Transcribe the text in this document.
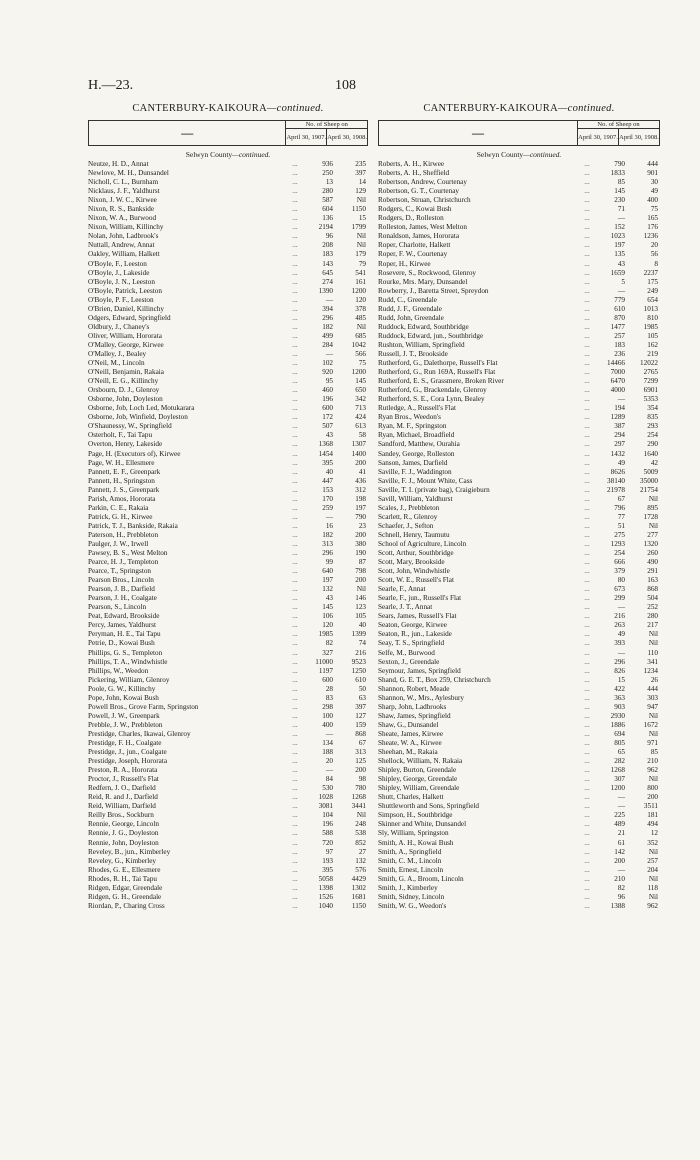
H.—23.	108
CANTERBURY-KAIKOURA—continued.
—	No. of Sheep on	
	April 30, 1907.	April 30, 1908.
Selwyn County—continued.
Neutze, H. D., Annat	...	936	235
Newlove, M. H., Dunsandel	...	250	397
Nicholl, C. L., Burnham	...	13	14
Nicklaus, J. F., Yaldhurst	...	280	129
Nixon, J. W. C., Kirwee	...	587	Nil
Nixon, R. S., Bankside	...	604	1150
Nixon, W. A., Burwood	...	136	15
Nixon, William, Killinchy	...	2194	1799
Nolan, John, Ladbrook's	...	96	Nil
Nuttall, Andrew, Annat	...	208	Nil
Oakley, William, Halkett	...	183	179
O'Boyle, F., Leeston	...	143	79
O'Boyle, J., Lakeside	...	645	541
O'Boyle, J. N., Leeston	...	274	161
O'Boyle, Patrick, Leeston	...	1390	1200
O'Boyle, P. F., Leeston	...	—	120
O'Brien, Daniel, Killinchy	...	394	378
Odgers, Edward, Springfield	...	296	485
Oldbury, J., Chaney's	...	182	Nil
Oliver, William, Hororata	...	499	685
O'Malley, George, Kirwee	...	284	1042
O'Malley, J., Bealey	...	—	566
O'Neil, M., Lincoln	...	102	75
O'Neill, Benjamin, Rakaia	...	920	1200
O'Neill, E. G., Killinchy	...	95	145
Orsbourn, D. J., Glenroy	...	460	650
Osborne, John, Doyleston	...	196	342
Osborne, Job, Loch Led, Motukarara	...	600	713
Osborne, Job, Winfield, Doyleston	...	172	424
O'Shaunessy, W., Springfield	...	507	613
Osterholt, F., Tai Tapu	...	43	58
Overton, Henry, Lakeside	...	1368	1307
Page, H. (Executors of), Kirwee	...	1454	1400
Page, W. H., Ellesmere	...	395	200
Pannett, E. F., Greenpark	...	40	41
Pannett, H., Springston	...	447	436
Pannett, J. S., Greenpark	...	153	312
Parish, Amos, Hororata	...	170	198
Parkin, C. E., Rakaia	...	259	197
Patrick, G. H., Kirwee	...	—	790
Patrick, T. J., Bankside, Rakaia	...	16	23
Paterson, H., Prebbleton	...	182	200
Paulger, J. W., Irwell	...	313	380
Pawsey, B. S., West Melton	...	296	190
Pearce, H. J., Templeton	...	99	87
Pearce, T., Springston	...	640	798
Pearson Bros., Lincoln	...	197	200
Pearson, J. B., Darfield	...	132	Nil
Pearson, J. H., Coalgate	...	43	146
Pearson, S., Lincoln	...	145	123
Peat, Edward, Brookside	...	106	105
Percy, James, Yaldhurst	...	120	40
Peryman, H. E., Tai Tapu	...	1985	1399
Petrie, D., Kowai Bush	...	82	74
Phillips, G. S., Templeton	...	327	216
Phillips, T. A., Windwhistle	...	11000	9523
Phillips, W., Weedon	...	1197	1250
Pickering, William, Glenroy	...	600	610
Poole, G. W., Killinchy	...	28	50
Pope, John, Kowai Bush	...	83	63
Powell Bros., Grove Farm, Springston	...	298	397
Powell, J. W., Greenpark	...	100	127
Prebble, J. W., Prebbleton	...	400	159
Prestidge, Charles, Ikawai, Glenroy	...	—	868
Prestidge, F. H., Coalgate	...	134	67
Prestidge, J., jun., Coalgate	...	188	313
Prestidge, Joseph, Hororata	...	20	125
Preston, R. A., Hororata	...	—	200
Proctor, J., Russell's Flat	...	84	98
Redfern, J. O., Darfield	...	530	780
Reid, R. and J., Darfield	...	1028	1268
Reid, William, Darfield	...	3081	3441
Reilly Bros., Sockburn	...	104	Nil
Rennie, George, Lincoln	...	196	248
Rennie, J. G., Doyleston	...	588	538
Rennie, John, Doyleston	...	720	852
Reveley, B., jun., Kimberley	...	97	27
Reveley, G., Kimberley	...	193	132
Rhodes, G. E., Ellesmere	...	395	576
Rhodes, R. H., Tai Tapu	...	5058	4429
Ridgen, Edgar, Greendale	...	1398	1302
Ridgen, G. H., Greendale	...	1526	1681
Riordan, P., Charing Cross	...	1040	1150
CANTERBURY-KAIKOURA—continued.
—	No. of Sheep on	
	April 30, 1907.	April 30, 1908.
Selwyn County—continued.
Roberts, A. H., Kirwee	...	790	444
Roberts, A. H., Sheffield	...	1833	901
Robertson, Andrew, Courtenay	...	85	30
Robertson, G. T., Courtenay	...	145	49
Robertson, Struan, Christchurch	...	230	400
Rodgers, C., Kowai Bush	...	71	75
Rodgers, D., Rolleston	...	—	165
Rolleston, James, West Melton	...	152	176
Ronaldson, James, Hororata	...	1023	1236
Roper, Charlotte, Halkett	...	197	20
Roper, F. W., Courtenay	...	135	56
Roper, H., Kirwee	...	43	8
Rosevere, S., Rockwood, Glenroy	...	1659	2237
Rourke, Mrs. Mary, Dunsandel	...	5	175
Rowberry, J., Baretta Street, Spreydon	...	—	249
Rudd, C., Greendale	...	779	654
Rudd, J. F., Greendale	...	610	1013
Rudd, John, Greendale	...	870	810
Ruddock, Edward, Southbridge	...	1477	1985
Ruddock, Edward, jun., Southbridge	...	257	105
Rushton, William, Springfield	...	183	162
Russell, J. T., Brookside	...	236	219
Rutherford, G., Dalethorpe, Russell's Flat	...	14466	12022
Rutherford, G., Run 169A, Russell's Flat	...	7000	2765
Rutherford, E. S., Grassmere, Broken River	...	6470	7299
Rutherford, G., Brackendale, Glenroy	...	4000	6901
Rutherford, S. E., Cora Lynn, Bealey	...	—	5353
Rutledge, A., Russell's Flat	...	194	354
Ryan Bros., Weedon's	...	1289	835
Ryan, M. F., Springston	...	387	293
Ryan, Michael, Broadfield	...	294	254
Sandford, Matthew, Ourahia	...	297	290
Sandey, George, Rolleston	...	1432	1640
Sanson, James, Darfield	...	49	42
Saville, F. J., Waddington	...	8626	5009
Saville, F. J., Mount White, Cass	...	38140	35000
Saville, T. I. (private bag), Craigieburn	...	21978	21754
Savill, William, Yaldhurst	...	67	Nil
Scales, J., Prebbleton	...	796	895
Scarlett, R., Glenroy	...	77	1728
Schaefer, J., Sefton	...	51	Nil
Schnell, Henry, Taumutu	...	275	277
School of Agriculture, Lincoln	...	1293	1320
Scott, Arthur, Southbridge	...	254	260
Scott, Mary, Brookside	...	666	490
Scott, John, Windwhistle	...	379	291
Scott, W. E., Russell's Flat	...	80	163
Searle, F., Annat	...	673	868
Searle, F., jun., Russell's Flat	...	299	504
Searle, J. T., Annat	...	—	252
Sears, James, Russell's Flat	...	216	280
Seaton, George, Kirwee	...	263	217
Seaton, R., jun., Lakeside	...	49	Nil
Seay, T. S., Springfield	...	393	Nil
Selfe, M., Burwood	...	—	110
Sexton, J., Greendale	...	296	341
Seymour, James, Springfield	...	826	1234
Shand, G. E. T., Box 259, Christchurch	...	15	26
Shannon, Robert, Meade	...	422	444
Shannon, W., Mrs., Aylesbury	...	363	303
Sharp, John, Ladbrooks	...	903	947
Shaw, James, Springfield	...	2930	Nil
Shaw, G., Dunsandel	...	1886	1672
Sheate, James, Kirwee	...	694	Nil
Sheate, W. A., Kirwee	...	805	971
Sheehan, M., Rakaia	...	65	85
Shellock, William, N. Rakaia	...	282	210
Shipley, Burton, Greendale	...	1268	962
Shipley, George, Greendale	...	307	Nil
Shipley, William, Greendale	...	1200	800
Shutt, Charles, Halkett	...	—	200
Shuttleworth and Sons, Springfield	...	—	3511
Simpson, H., Southbridge	...	225	181
Skinner and White, Dunsandel	...	489	494
Sly, William, Springston	...	21	12
Smith, A. H., Kowai Bush	...	61	352
Smith, A., Springfield	...	142	Nil
Smith, C. M., Lincoln	...	200	257
Smith, Ernest, Lincoln	...	—	204
Smith, G. A., Broom, Lincoln	...	210	Nil
Smith, J., Kimberley	...	82	118
Smith, Sidney, Lincoln	...	96	Nil
Smith, W. G., Weedon's	...	1388	962
